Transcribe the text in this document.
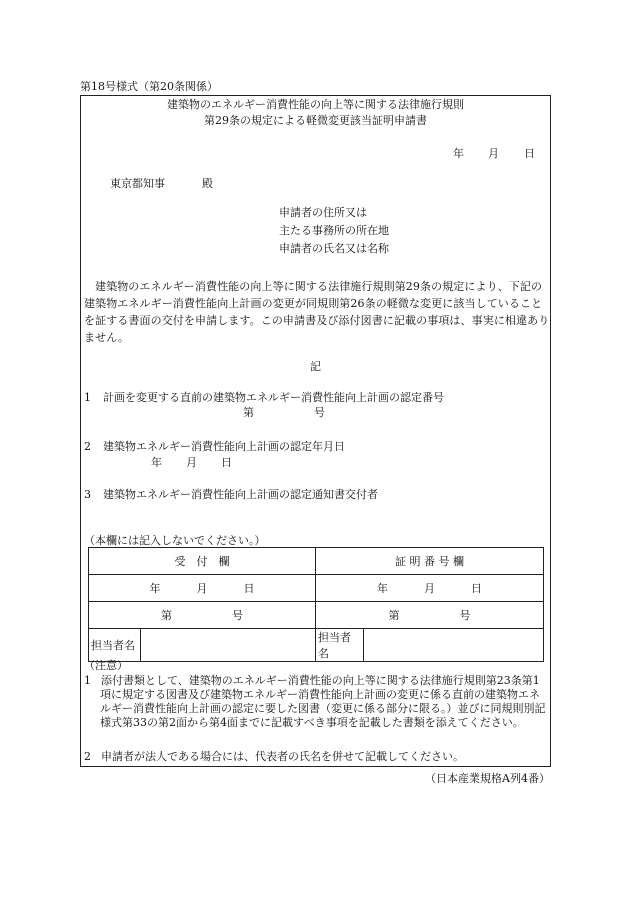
第18号様式（第20条関係）
建築物のエネルギー消費性能の向上等に関する法律施行規則
第29条の規定による軽微変更該当証明申請書
年 月 日
東京都知事	殿
申請者の住所又は
主たる事務所の所在地
申請者の氏名又は名称
建築物のエネルギー消費性能の向上等に関する法律施行規則第29条の規定により、下記の建築物エネルギー消費性能向上計画の変更が同規則第26条の軽微な変更に該当していることを証する書面の交付を申請します。この申請書及び添付図書に記載の事項は、事実に相違ありません。
記
1 計画を変更する直前の建築物エネルギー消費性能向上計画の認定番号
第	号
2 建築物エネルギー消費性能向上計画の認定年月日
年 月 日
3 建築物エネルギー消費性能向上計画の認定通知書交付者
（本欄には記入しないでください。）
受　付　欄		証 明 番 号 欄	
年 月 日		年 月 日	
第 号		第 号	
担当者名		担当者名	
（注意）
1 添付書類として、建築物のエネルギー消費性能の向上等に関する法律施行規則第23条第1項に規定する図書及び建築物エネルギー消費性能向上計画の変更に係る直前の建築物エネルギー消費性能向上計画の認定に要した図書（変更に係る部分に限る。）並びに同規則別記様式第33の第2面から第4面までに記載すべき事項を記載した書類を添えてください。
2 申請者が法人である場合には、代表者の氏名を併せて記載してください。
（日本産業規格A列4番）
